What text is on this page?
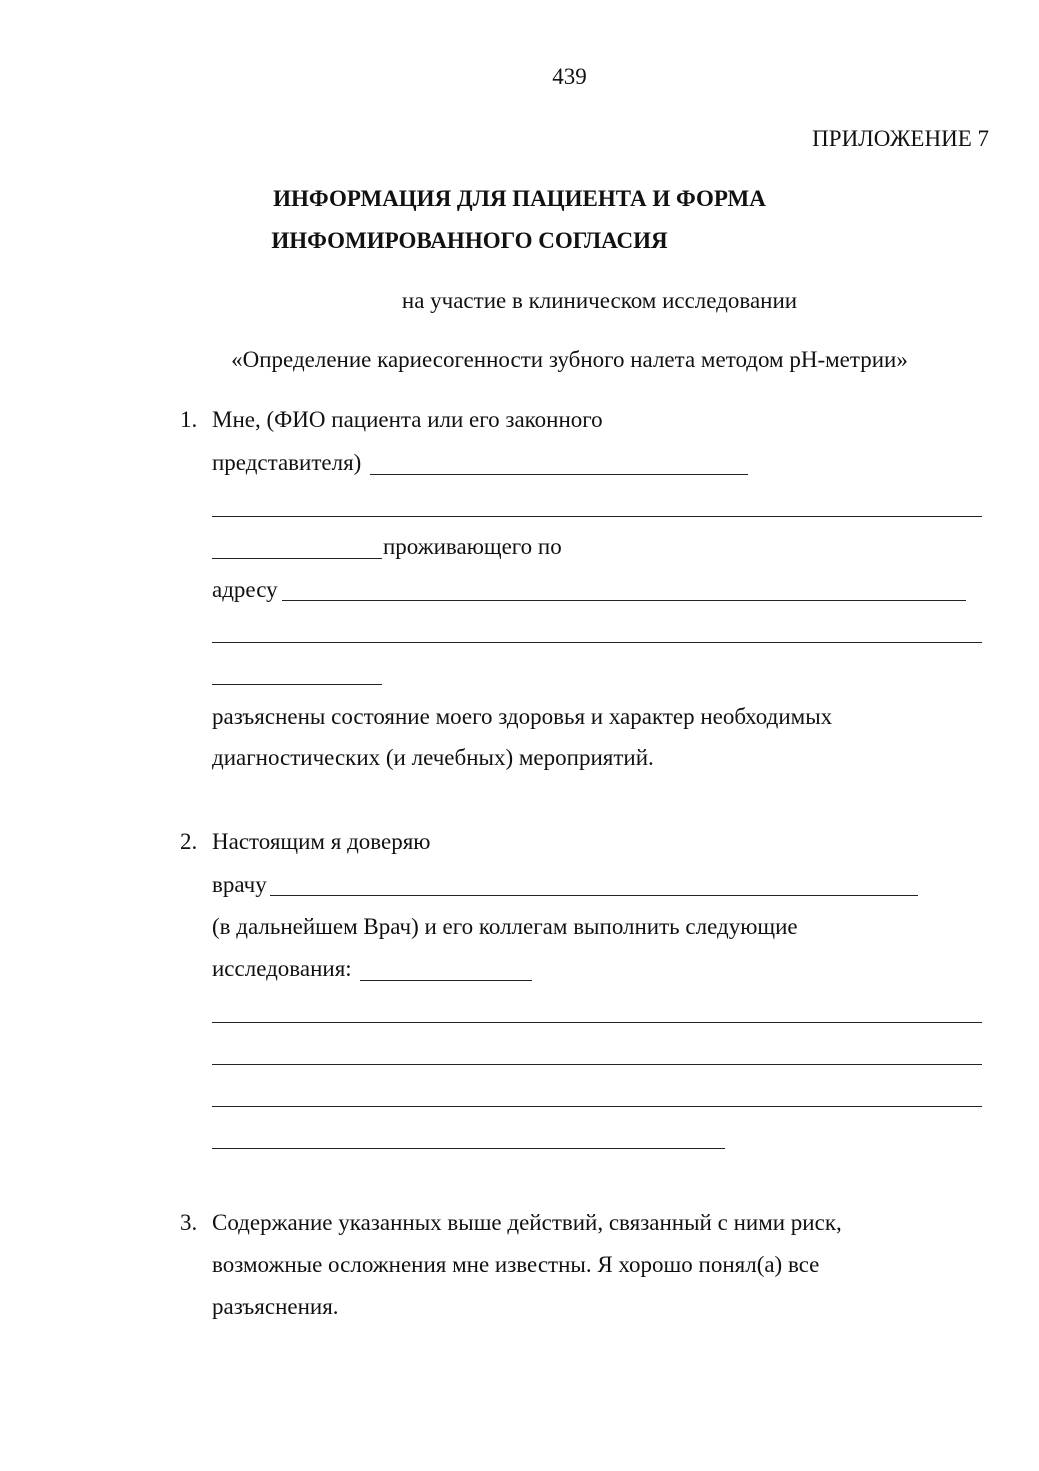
439
ПРИЛОЖЕНИЕ 7
ИНФОРМАЦИЯ ДЛЯ ПАЦИЕНТА И ФОРМА
ИНФОМИРОВАННОГО СОГЛАСИЯ
на участие в клиническом исследовании
«Определение кариесогенности зубного налета методом pH-метрии»
1. Мне, (ФИО пациента или его законного
представителя)
проживающего по
адресу
разъяснены состояние моего здоровья и характер необходимых
диагностических (и лечебных) мероприятий.
2. Настоящим я доверяю
врачу
(в дальнейшем Врач) и его коллегам выполнить следующие
исследования:
3. Содержание указанных выше действий, связанный с ними риск,
возможные осложнения мне известны. Я хорошо понял(а) все
разъяснения.
